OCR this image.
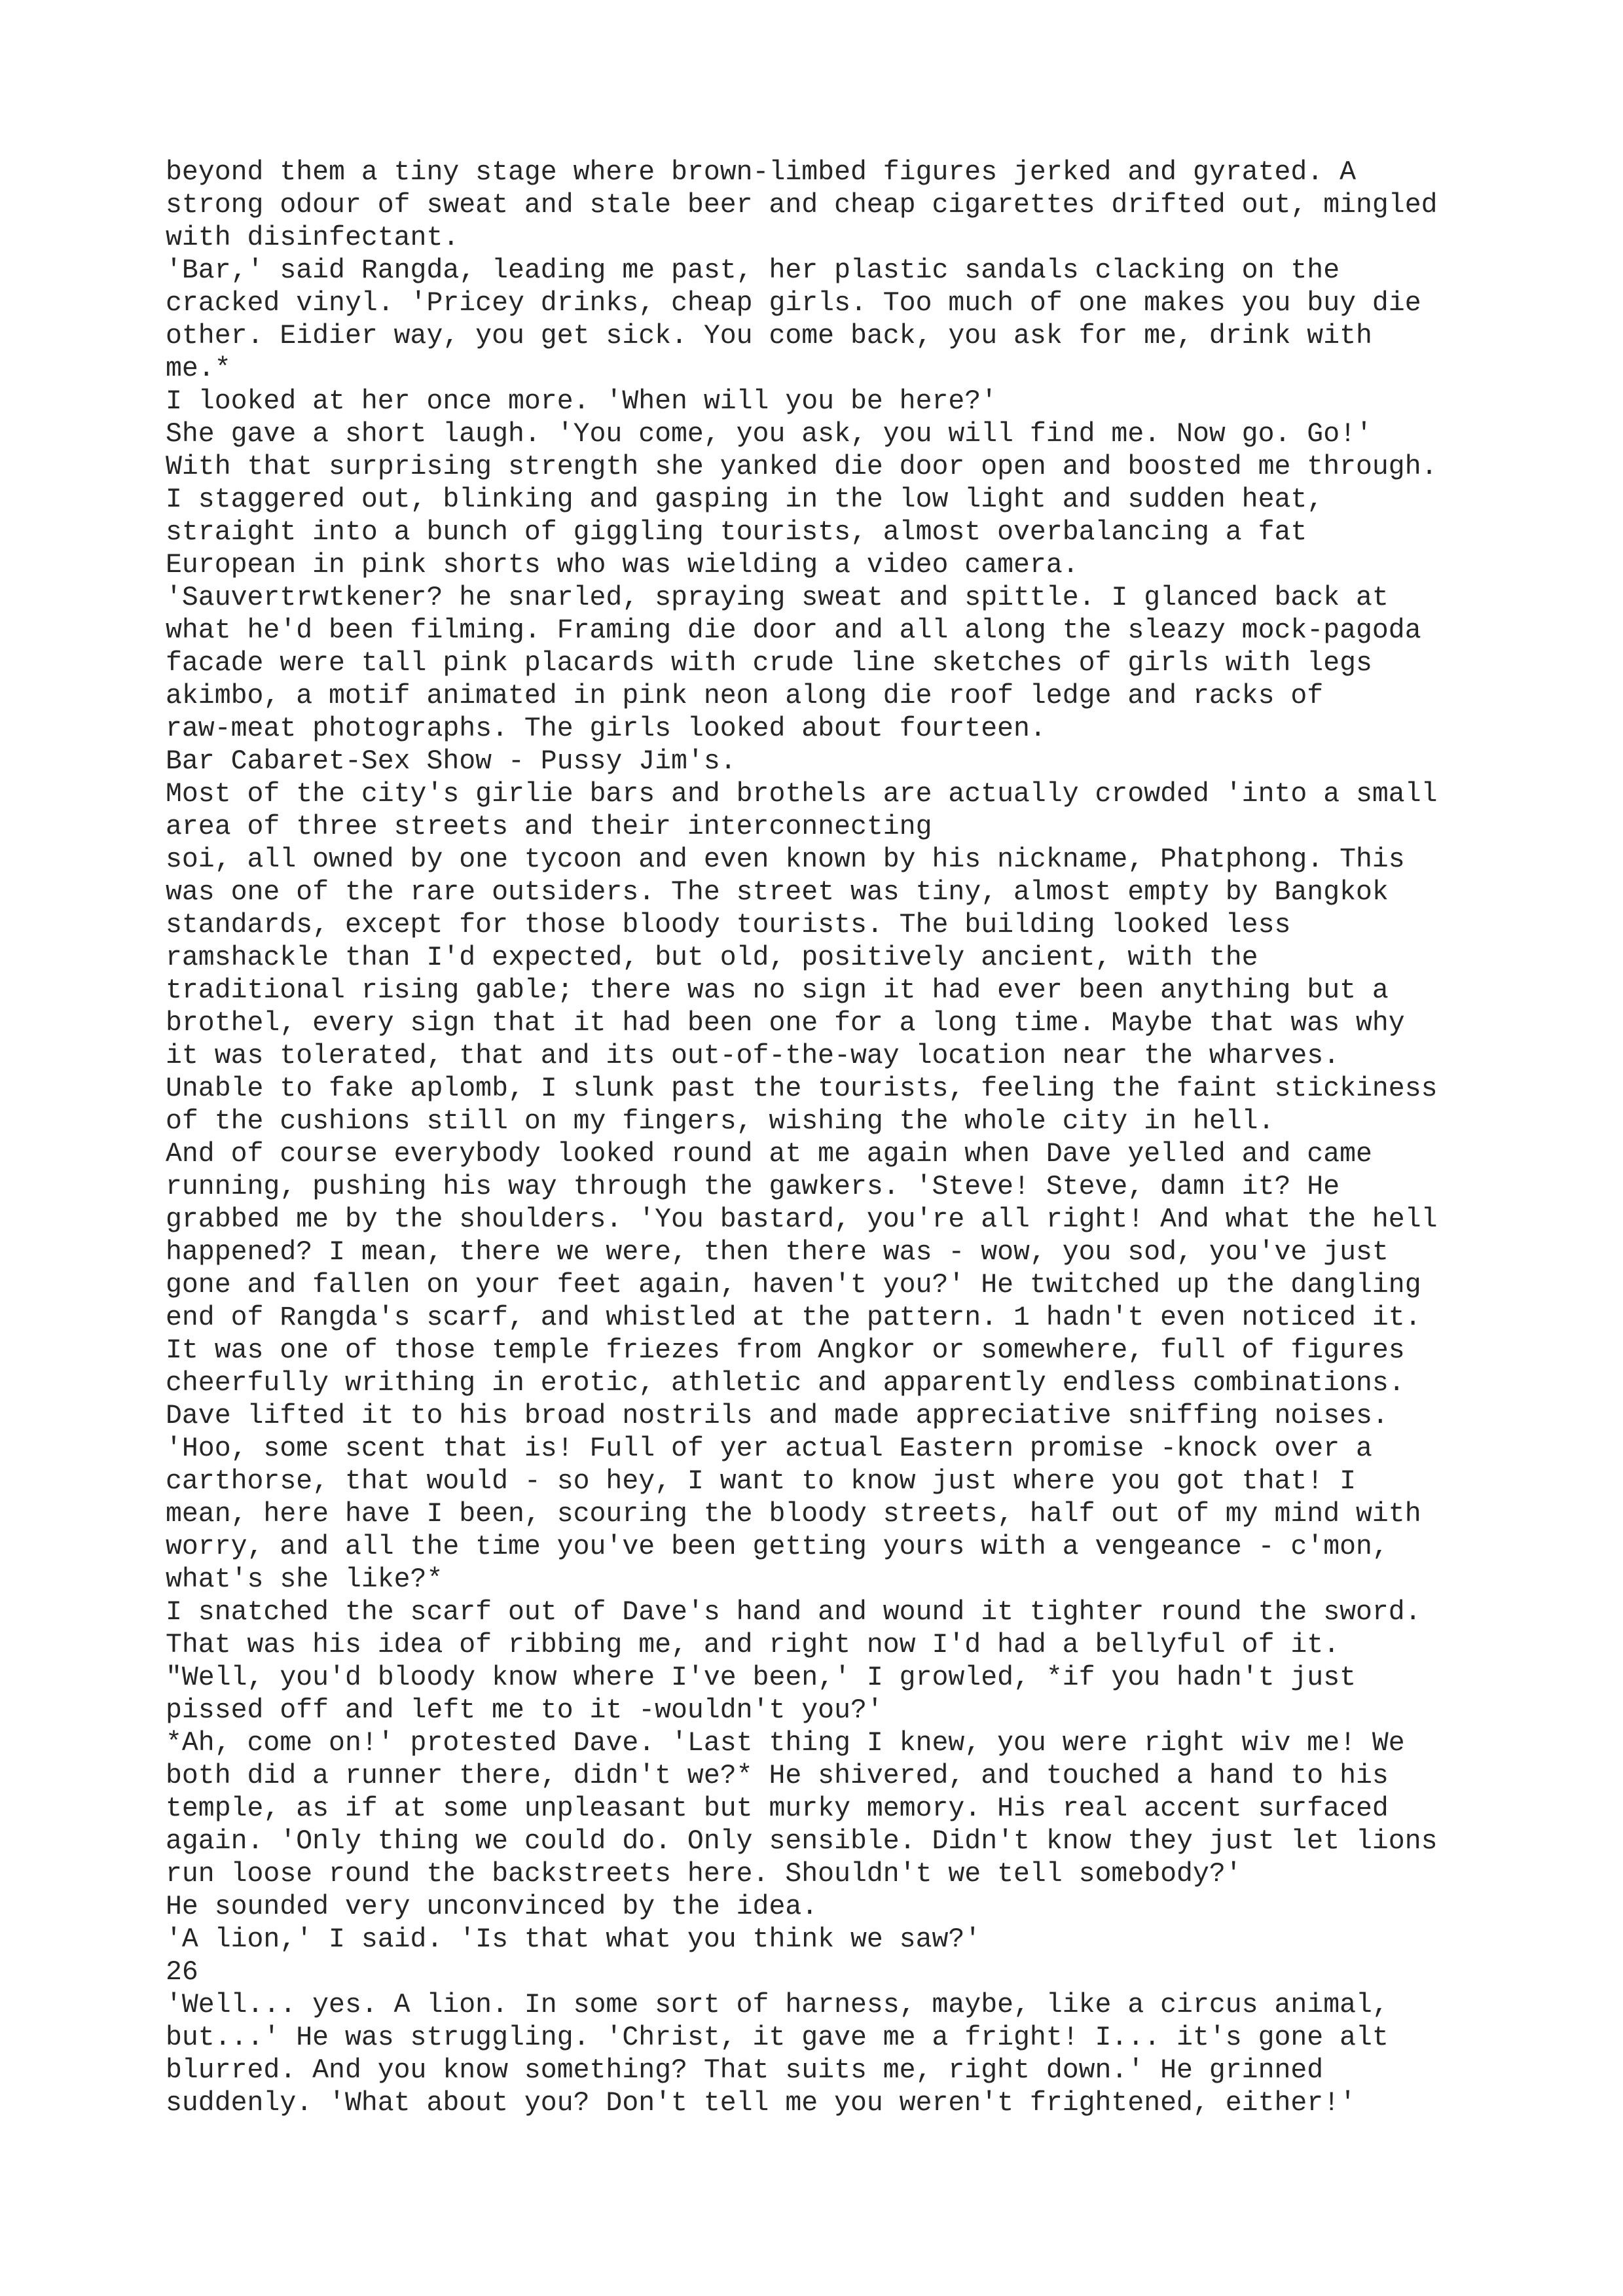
beyond them a tiny stage where brown-limbed figures jerked and gyrated. A
strong odour of sweat and stale beer and cheap cigarettes drifted out, mingled
with disinfectant.
'Bar,' said Rangda, leading me past, her plastic sandals clacking on the
cracked vinyl. 'Pricey drinks, cheap girls. Too much of one makes you buy die
other. Eidier way, you get sick. You come back, you ask for me, drink with
me.*
I looked at her once more. 'When will you be here?'
She gave a short laugh. 'You come, you ask, you will find me. Now go. Go!'
With that surprising strength she yanked die door open and boosted me through.
I staggered out, blinking and gasping in the low light and sudden heat,
straight into a bunch of giggling tourists, almost overbalancing a fat
European in pink shorts who was wielding a video camera.
'Sauvertrwtkener? he snarled, spraying sweat and spittle. I glanced back at
what he'd been filming. Framing die door and all along the sleazy mock-pagoda
facade were tall pink placards with crude line sketches of girls with legs
akimbo, a motif animated in pink neon along die roof ledge and racks of
raw-meat photographs. The girls looked about fourteen.
Bar Cabaret-Sex Show - Pussy Jim's.
Most of the city's girlie bars and brothels are actually crowded 'into a small
area of three streets and their interconnecting
soi, all owned by one tycoon and even known by his nickname, Phatphong. This
was one of the rare outsiders. The street was tiny, almost empty by Bangkok
standards, except for those bloody tourists. The building looked less
ramshackle than I'd expected, but old, positively ancient, with the
traditional rising gable; there was no sign it had ever been anything but a
brothel, every sign that it had been one for a long time. Maybe that was why
it was tolerated, that and its out-of-the-way location near the wharves.
Unable to fake aplomb, I slunk past the tourists, feeling the faint stickiness
of the cushions still on my fingers, wishing the whole city in hell.
And of course everybody looked round at me again when Dave yelled and came
running, pushing his way through the gawkers. 'Steve! Steve, damn it? He
grabbed me by the shoulders. 'You bastard, you're all right! And what the hell
happened? I mean, there we were, then there was - wow, you sod, you've just
gone and fallen on your feet again, haven't you?' He twitched up the dangling
end of Rangda's scarf, and whistled at the pattern. 1 hadn't even noticed it.
It was one of those temple friezes from Angkor or somewhere, full of figures
cheerfully writhing in erotic, athletic and apparently endless combinations.
Dave lifted it to his broad nostrils and made appreciative sniffing noises.
'Hoo, some scent that is! Full of yer actual Eastern promise -knock over a
carthorse, that would - so hey, I want to know just where you got that! I
mean, here have I been, scouring the bloody streets, half out of my mind with
worry, and all the time you've been getting yours with a vengeance - c'mon,
what's she like?*
I snatched the scarf out of Dave's hand and wound it tighter round the sword.
That was his idea of ribbing me, and right now I'd had a bellyful of it.
"Well, you'd bloody know where I've been,' I growled, *if you hadn't just
pissed off and left me to it -wouldn't you?'
*Ah, come on!' protested Dave. 'Last thing I knew, you were right wiv me! We
both did a runner there, didn't we?* He shivered, and touched a hand to his
temple, as if at some unpleasant but murky memory. His real accent surfaced
again. 'Only thing we could do. Only sensible. Didn't know they just let lions
run loose round the backstreets here. Shouldn't we tell somebody?'
He sounded very unconvinced by the idea.
'A lion,' I said. 'Is that what you think we saw?'
26
'Well... yes. A lion. In some sort of harness, maybe, like a circus animal,
but...' He was struggling. 'Christ, it gave me a fright! I... it's gone alt
blurred. And you know something? That suits me, right down.' He grinned
suddenly. 'What about you? Don't tell me you weren't frightened, either!'
